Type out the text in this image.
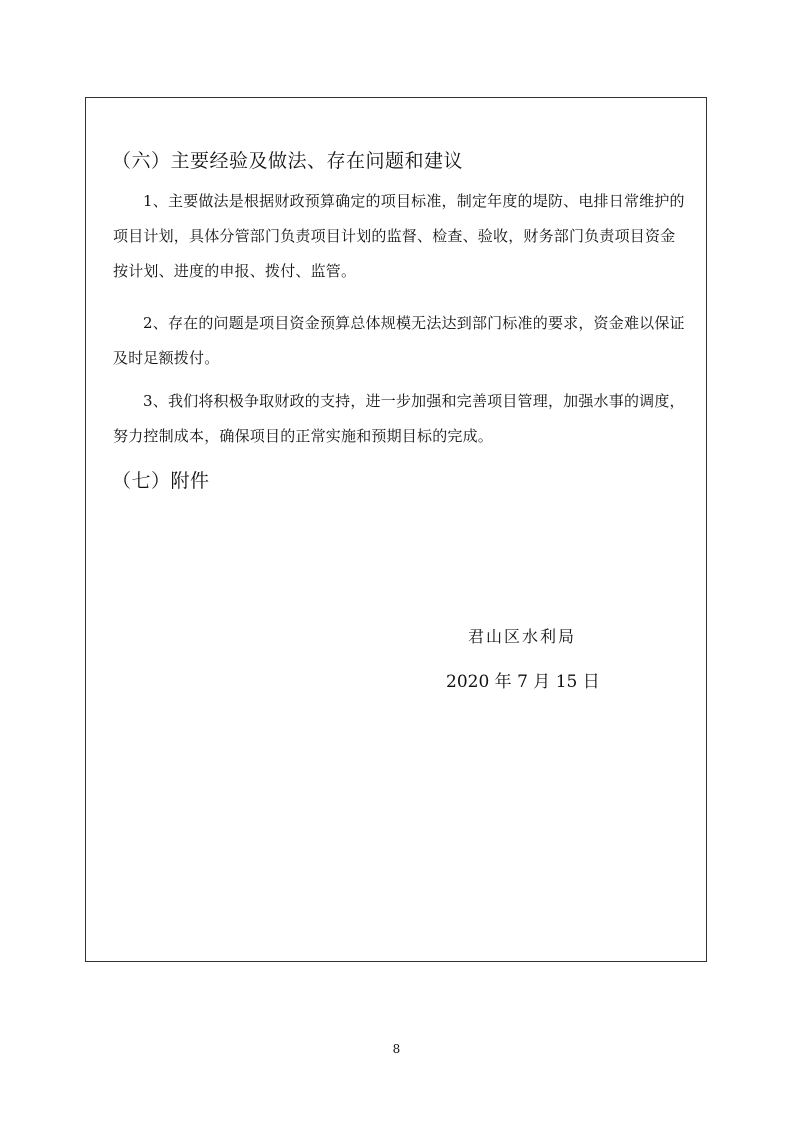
（六）主要经验及做法、存在问题和建议
1、主要做法是根据财政预算确定的项目标准，制定年度的堤防、电排日常维护的项目计划，具体分管部门负责项目计划的监督、检查、验收，财务部门负责项目资金按计划、进度的申报、拨付、监管。
2、存在的问题是项目资金预算总体规模无法达到部门标准的要求，资金难以保证及时足额拨付。
3、我们将积极争取财政的支持，进一步加强和完善项目管理，加强水事的调度，努力控制成本，确保项目的正常实施和预期目标的完成。
（七）附件
君山区水利局
2020 年 7 月 15 日
8
